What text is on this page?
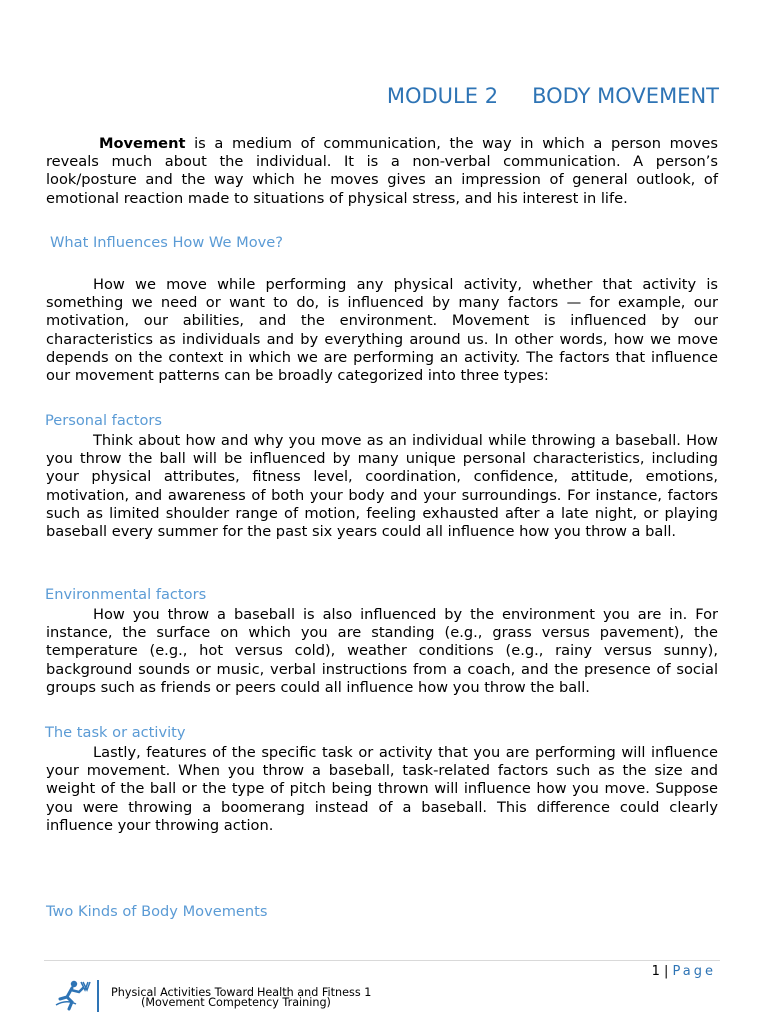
MODULE 2 BODY MOVEMENT

Movement is a medium of communication, the way in which a person moves reveals much about the individual. It is a non-verbal communication. A person’s look/posture and the way which he moves gives an impression of general outlook, of emotional reaction made to situations of physical stress, and his interest in life.

What Influences How We Move?

How we move while performing any physical activity, whether that activity is something we need or want to do, is influenced by many factors — for example, our motivation, our abilities, and the environment. Movement is influenced by our characteristics as individuals and by everything around us. In other words, how we move depends on the context in which we are performing an activity. The factors that influence our movement patterns can be broadly categorized into three types:

Personal factors

Think about how and why you move as an individual while throwing a baseball. How you throw the ball will be influenced by many unique personal characteristics, including your physical attributes, fitness level, coordination, confidence, attitude, emotions, motivation, and awareness of both your body and your surroundings. For instance, factors such as limited shoulder range of motion, feeling exhausted after a late night, or playing baseball every summer for the past six years could all influence how you throw a ball.

Environmental factors

How you throw a baseball is also influenced by the environment you are in. For instance, the surface on which you are standing (e.g., grass versus pavement), the temperature (e.g., hot versus cold), weather conditions (e.g., rainy versus sunny), background sounds or music, verbal instructions from a coach, and the presence of social groups such as friends or peers could all influence how you throw the ball.

The task or activity

Lastly, features of the specific task or activity that you are performing will influence your movement. When you throw a baseball, task-related factors such as the size and weight of the ball or the type of pitch being thrown will influence how you move. Suppose you were throwing a boomerang instead of a baseball. This difference could clearly influence your throwing action.

Two Kinds of Body Movements

1 | Page
Physical Activities Toward Health and Fitness 1
(Movement Competency Training)
